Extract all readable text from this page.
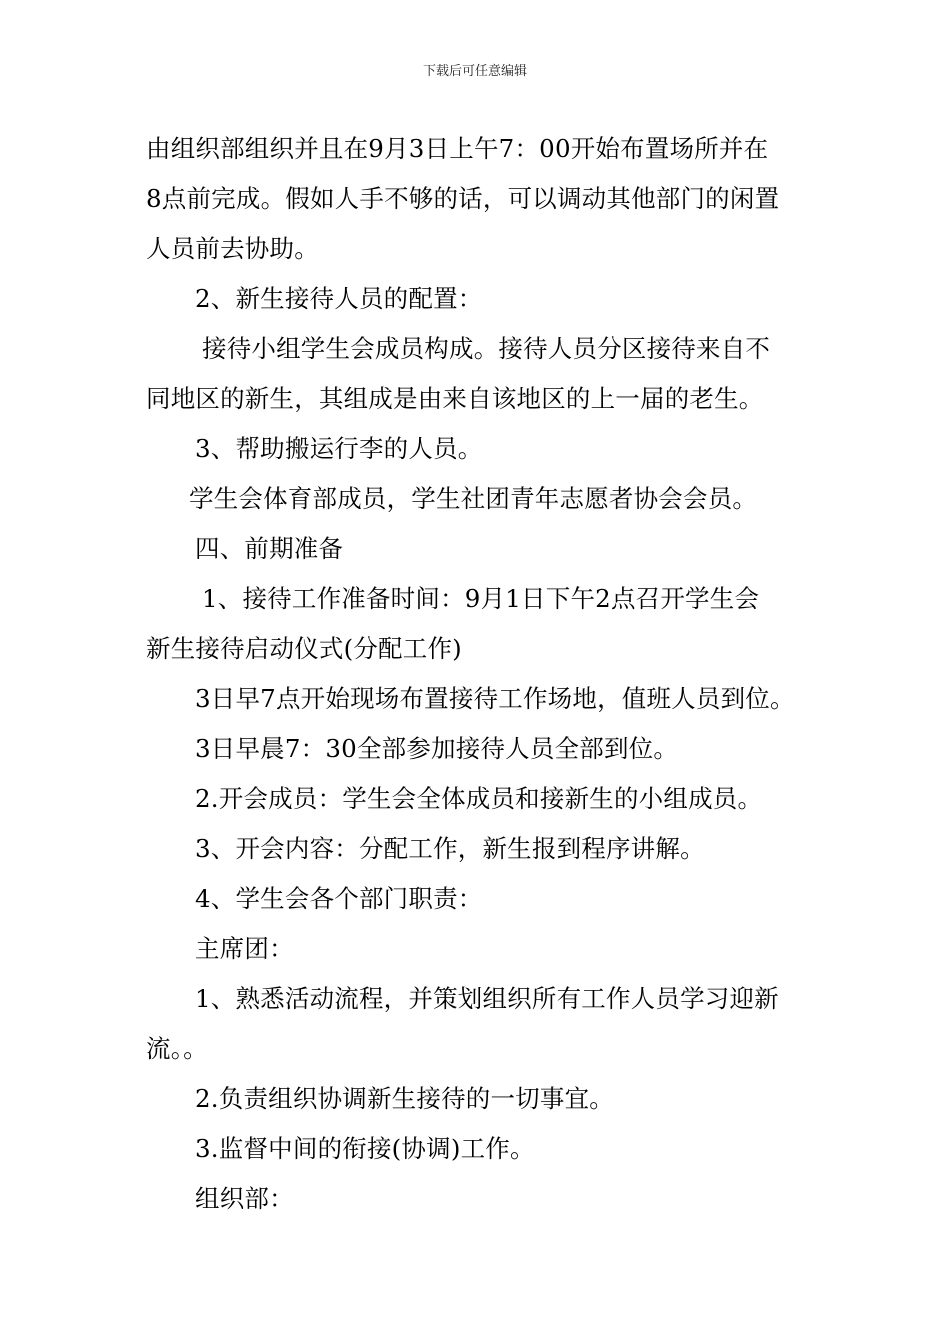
下载后可任意编辑
由组织部组织并且在9月3日上午7：00开始布置场所并在
8点前完成。假如人手不够的话，可以调动其他部门的闲置
人员前去协助。
2、新生接待人员的配置：
接待小组学生会成员构成。接待人员分区接待来自不
同地区的新生，其组成是由来自该地区的上一届的老生。
3、帮助搬运行李的人员。
学生会体育部成员，学生社团青年志愿者协会会员。
四、前期准备
1、接待工作准备时间：9月1日下午2点召开学生会
新生接待启动仪式(分配工作)
3日早7点开始现场布置接待工作场地，值班人员到位。
3日早晨7：30全部参加接待人员全部到位。
2.开会成员：学生会全体成员和接新生的小组成员。
3、开会内容：分配工作，新生报到程序讲解。
4、学生会各个部门职责：
主席团：
1、熟悉活动流程，并策划组织所有工作人员学习迎新
流。。
2.负责组织协调新生接待的一切事宜。
3.监督中间的衔接(协调)工作。
组织部：
